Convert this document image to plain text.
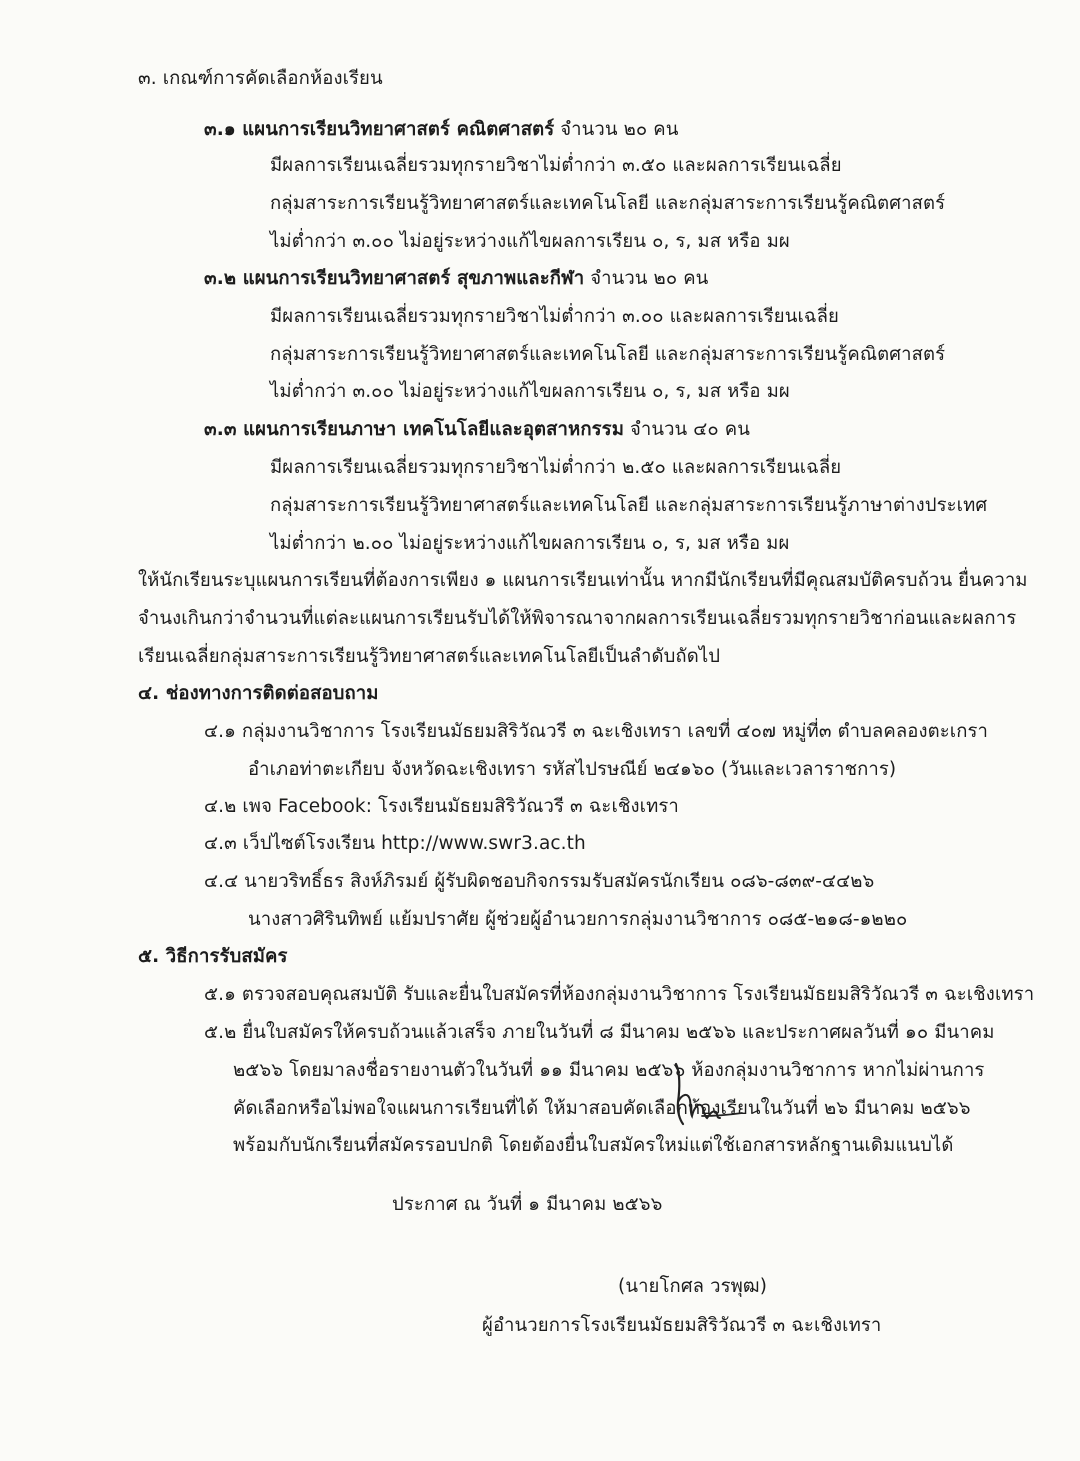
๓. เกณฑ์การคัดเลือกห้องเรียน
๓.๑ แผนการเรียนวิทยาศาสตร์ คณิตศาสตร์ จำนวน ๒๐ คน
มีผลการเรียนเฉลี่ยรวมทุกรายวิชาไม่ต่ำกว่า ๓.๕๐ และผลการเรียนเฉลี่ย
กลุ่มสาระการเรียนรู้วิทยาศาสตร์และเทคโนโลยี และกลุ่มสาระการเรียนรู้คณิตศาสตร์
ไม่ต่ำกว่า ๓.๐๐ ไม่อยู่ระหว่างแก้ไขผลการเรียน ๐, ร, มส หรือ มผ
๓.๒ แผนการเรียนวิทยาศาสตร์ สุขภาพและกีฬา จำนวน ๒๐ คน
มีผลการเรียนเฉลี่ยรวมทุกรายวิชาไม่ต่ำกว่า ๓.๐๐ และผลการเรียนเฉลี่ย
กลุ่มสาระการเรียนรู้วิทยาศาสตร์และเทคโนโลยี และกลุ่มสาระการเรียนรู้คณิตศาสตร์
ไม่ต่ำกว่า ๓.๐๐ ไม่อยู่ระหว่างแก้ไขผลการเรียน ๐, ร, มส หรือ มผ
๓.๓ แผนการเรียนภาษา เทคโนโลยีและอุตสาหกรรม จำนวน ๔๐ คน
มีผลการเรียนเฉลี่ยรวมทุกรายวิชาไม่ต่ำกว่า ๒.๕๐ และผลการเรียนเฉลี่ย
กลุ่มสาระการเรียนรู้วิทยาศาสตร์และเทคโนโลยี และกลุ่มสาระการเรียนรู้ภาษาต่างประเทศ
ไม่ต่ำกว่า ๒.๐๐ ไม่อยู่ระหว่างแก้ไขผลการเรียน ๐, ร, มส หรือ มผ
ให้นักเรียนระบุแผนการเรียนที่ต้องการเพียง ๑ แผนการเรียนเท่านั้น หากมีนักเรียนที่มีคุณสมบัติครบถ้วน ยื่นความ
จำนงเกินกว่าจำนวนที่แต่ละแผนการเรียนรับได้ให้พิจารณาจากผลการเรียนเฉลี่ยรวมทุกรายวิชาก่อนและผลการ
เรียนเฉลี่ยกลุ่มสาระการเรียนรู้วิทยาศาสตร์และเทคโนโลยีเป็นลำดับถัดไป
๔. ช่องทางการติดต่อสอบถาม
๔.๑ กลุ่มงานวิชาการ โรงเรียนมัธยมสิริวัณวรี ๓ ฉะเชิงเทรา เลขที่ ๔๐๗ หมู่ที่๓ ตำบลคลองตะเกรา
อำเภอท่าตะเกียบ จังหวัดฉะเชิงเทรา รหัสไปรษณีย์ ๒๔๑๖๐ (วันและเวลาราชการ)
๔.๒ เพจ Facebook: โรงเรียนมัธยมสิริวัณวรี ๓ ฉะเชิงเทรา
๔.๓ เว็ปไซต์โรงเรียน http://www.swr3.ac.th
๔.๔ นายวริทธิ์ธร สิงห์ภิรมย์ ผู้รับผิดชอบกิจกรรมรับสมัครนักเรียน ๐๘๖-๘๓๙-๔๔๒๖
นางสาวศิรินทิพย์ แย้มปราศัย ผู้ช่วยผู้อำนวยการกลุ่มงานวิชาการ ๐๘๕-๒๑๘-๑๒๒๐
๕. วิธีการรับสมัคร
๕.๑ ตรวจสอบคุณสมบัติ รับและยื่นใบสมัครที่ห้องกลุ่มงานวิชาการ โรงเรียนมัธยมสิริวัณวรี ๓ ฉะเชิงเทรา
๕.๒ ยื่นใบสมัครให้ครบถ้วนแล้วเสร็จ ภายในวันที่ ๘ มีนาคม ๒๕๖๖ และประกาศผลวันที่ ๑๐ มีนาคม
๒๕๖๖ โดยมาลงชื่อรายงานตัวในวันที่ ๑๑ มีนาคม ๒๕๖๖ ห้องกลุ่มงานวิชาการ หากไม่ผ่านการ
คัดเลือกหรือไม่พอใจแผนการเรียนที่ได้ ให้มาสอบคัดเลือกห้องเรียนในวันที่ ๒๖ มีนาคม ๒๕๖๖
พร้อมกับนักเรียนที่สมัครรอบปกติ โดยต้องยื่นใบสมัครใหม่แต่ใช้เอกสารหลักฐานเดิมแนบได้
ประกาศ ณ วันที่ ๑ มีนาคม ๒๕๖๖
(นายโกศล วรพุฒ)
ผู้อำนวยการโรงเรียนมัธยมสิริวัณวรี ๓ ฉะเชิงเทรา
